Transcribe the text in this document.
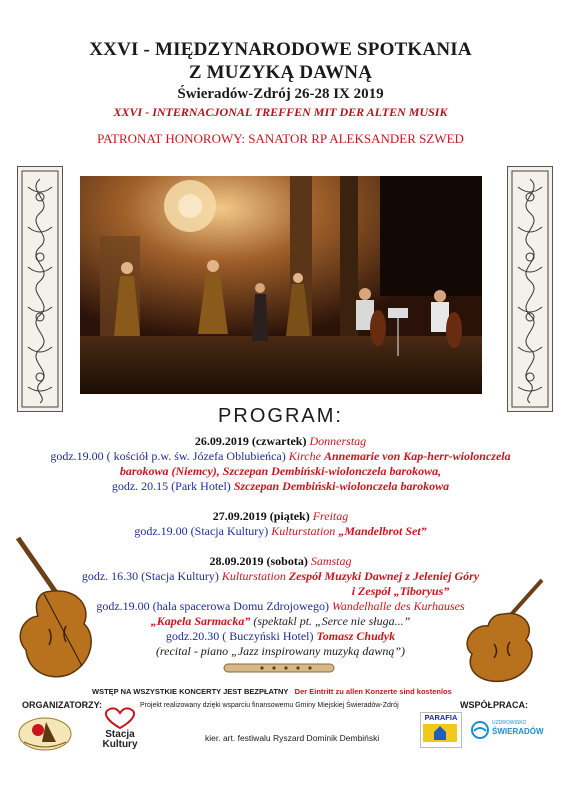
XXVI - MIĘDZYNARODOWE SPOTKANIA
Z MUZYKĄ DAWNĄ
Świeradów-Zdrój 26-28 IX 2019
XXVI - INTERNACJONAL TREFFEN MIT DER ALTEN MUSIK
PATRONAT HONOROWY: SANATOR RP ALEKSANDER SZWED
PROGRAM:
26.09.2019 (czwartek) Donnerstag
godz.19.00 ( kościół p.w. św. Józefa Oblubieńca) Kirche Annemarie von Kap-herr-wiolonczela
barokowa (Niemcy), Szczepan Dembiński-wiolonczela barokowa,
godz. 20.15 (Park Hotel) Szczepan Dembiński-wiolonczela barokowa
27.09.2019 (piątek) Freitag
godz.19.00 (Stacja Kultury) Kulturstation „Mandelbrot Set”
28.09.2019 (sobota) Samstag
godz. 16.30 (Stacja Kultury) Kulturstation Zespół Muzyki Dawnej z Jeleniej Góry
i Zespół „Tiboryus”
godz.19.00 (hala spacerowa Domu Zdrojowego) Wandelhalle des Kurhauses
„Kapela Sarmacka” (spektakl pt. „Serce nie sługa...”
godz.20.30 ( Buczyński Hotel) Tomasz Chudyk
(recital - piano „Jazz inspirowany muzyką dawną”)
WSTĘP NA WSZYSTKIE KONCERTY JEST BEZPŁATNY Der Eintritt zu allen Konzerte sind kostenlos
ORGANIZATORZY:	WSPÓŁPRACA:
Projekt realizowany dzięki wsparciu finansowemu Gminy Miejskiej Świeradów-Zdrój
kier. art. festiwalu Ryszard Dominik Dembiński
Stacja
Kultury
PARAFIA
UZDROWISKO
ŚWIERADÓW
